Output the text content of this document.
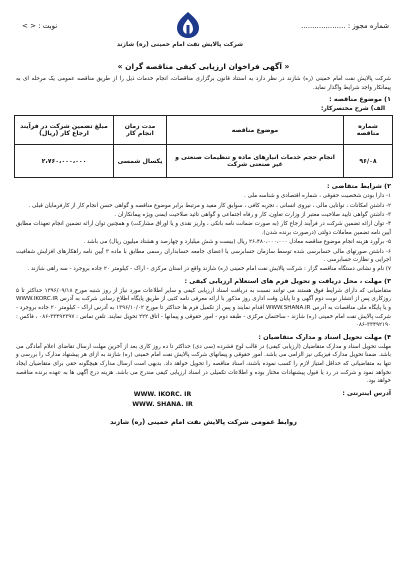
شماره مجوز : ....................
شرکت پالایش نفت امام خمینی (ره) شازند
نوبت : < >
« آگهی فراخوان ارزیابی کیفی مناقصه گران »
شرکت پالایش نفت امام خمینی (ره) شازند در نظر دارد به استناد قانون برگزاری مناقصات، انجام خدمات ذیل را از طریق مناقصه عمومی یک مرحله ای به پیمانکار واجد شرایط واگذار نماید.
۱) موضوع مناقصه :
الف) شرح مختصرکار:
شماره مناقصه	موضوع مناقصه	مدت زمان انجام کار	مبلغ تضمین شرکت در فرآیند ارجاع کار (ریال)
۹۶/۰۸	انجام حجم خدمات انبارهای ماده و تنظیمات صنعتی و غیر صنعتی شرکت	یکسال شمسی	۲،۷۶۰،۰۰۰،۰۰۰
۲) شرایط متقاضی :
۱- دارا بودن شخصیت حقوقی ، شماره اقتصادی و شناسه ملی .
۲- داشتن امکانات ، توانایی مالی ، نیروی انسانی ، تجربه کافی ، سوابق کار مفید و مرتبط برابر موضوع مناقصه و گواهی حسن انجام کار از کارفرمایان قبلی .
۳- داشتن گواهی تایید صلاحیت معتبر از وزارت تعاون، کار و رفاه اجتماعی و گواهی تائید صلاحیت ایمنی ویژه پیمانکاران .
۴- توان ارائه تضمین شرکت در فرآیند ارجاع کار (به صورت ضمانت نامه بانکی ، واریز نقدی و یا اوراق مشارکت) و همچنین توان ارائه تضمین انجام تعهدات مطابق آیین نامه تضمین معاملات دولتی (درصورت برنده شدن).
۵- برآورد هزینه انجام موضوع مناقصه معادل ۲۶،۴۸۰،۰۰۰،۰۰۰ ریال (بیست و شش میلیارد و چهارصد و هشتاد میلیون ریال) می باشد .
۶- داشتن صورتهای مالی حسابرسی شده توسط سازمان حسابرسی یا اعضای جامعه حسابداران رسمی مطابق با ماده ۳ آیین نامه راهکارهای افزایش شفافیت اجرایی و نظارت حسابرسی .
۷) نام و نشانی دستگاه مناقصه گزار : شرکت پالایش نفت امام خمینی (ره) شازند واقع در استان مرکزی - اراک - کیلومتر ۲۰ جاده بروجرد - سه راهی شازند .
۳) مهلت ، محل دریافت و تحویل فرم های استعلام ارزیابی کیفی :
متقاضیانی که دارای شرایط فوق هستند می توانند نسبت به دریافت اسناد ارزیابی کیفی و سایر اطلاعات مورد نیاز از روز شنبه مورخ ۱۳۹۶/۰۹/۱۸ حداکثر تا ۵ روزکاری پس از انتشار نوبت دوم آگهی و تا پایان وقت اداری روز مذکور با ارائه معرفی نامه کتبی از طریق پایگاه اطلاع رسانی شرکت به آدرس WWW.IKORC.IR و یا پایگاه ملی مناقصات به آدرس WWW.SHANA.IR اقدام نمایند و پس از تکمیل فرم ها حداکثر تا مورخ ۱۳۹۶/۱۰/۰۲ به آدرس اراک - کیلومتر ۲۰ جاده بروجرد - شرکت پالایش نفت امام خمینی (ره) شازند - ساختمان مرکزی - طبقه دوم - امور حقوقی و پیمانها - اتاق ۲۲۲ تحویل نمایند. تلفن تماس : ۳۳۴۹۲۳۹۷-۰۸۶ ، فاکس : ۳۳۴۹۲۱۹۰-۰۸۶
۴) مهلت تحویل اسناد و مدارک متقاضیان :
مهلت تحویل اسناد و مدارک متقاضیان (ارزیابی کیفی) در قالب لوح فشرده (سی دی) حداکثر تا ده روز کاری بعد از آخرین مهلت ارسال تقاضای اعلام آمادگی می باشد. ضمنا تحویل مدارک فیزیکی نیز الزامی می باشد. امور حقوقی و پیمانهای شرکت پالایش نفت امام خمینی (ره) شازند به ازای هر پیشنهاد مدارک را بررسی و تنها به متقاضیانی که حداقل امتیاز لازم را کسب نموده باشند، اسناد مناقصه را تحویل خواهد داد. بدیهی است ارسال مدارک هیچگونه حقی برای متقاضیان ایجاد نخواهد نمود و شرکت در رد یا قبول پیشنهادات مختار بوده و اطلاعات تکمیلی در اسناد ارزیابی کیفی مندرج می باشد. هزینه درج آگهی ها به عهده برنده مناقصه خواهد بود.
آدرس اینترنتی :
WWW. IKORC. IR
WWW. SHANA. IR
روابط عمومی شرکت پالایش نفت امام خمینی (ره) شازند
